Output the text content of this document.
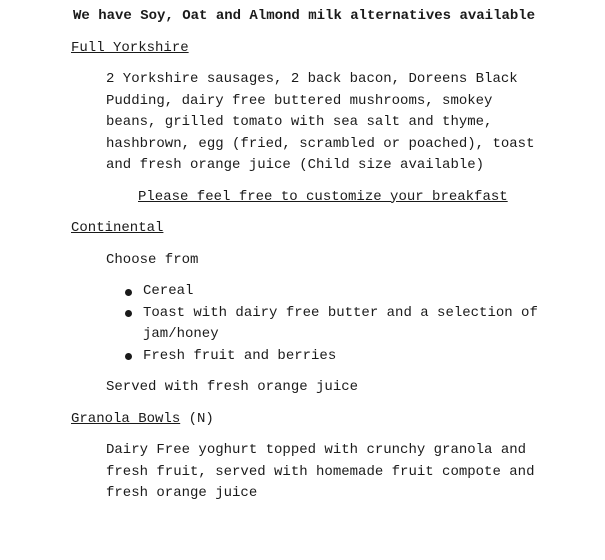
We have Soy, Oat and Almond milk alternatives available
Full Yorkshire
2 Yorkshire sausages, 2 back bacon, Doreens Black
Pudding, dairy free buttered mushrooms, smokey
beans, grilled tomato with sea salt and thyme,
hashbrown, egg (fried, scrambled or poached), toast
and fresh orange juice (Child size available)
Please feel free to customize your breakfast
Continental
Choose from
Cereal
Toast with dairy free butter and a selection of
jam/honey
Fresh fruit and berries
Served with fresh orange juice
Granola Bowls (N)
Dairy Free yoghurt topped with crunchy granola and
fresh fruit, served with homemade fruit compote and
fresh orange juice
